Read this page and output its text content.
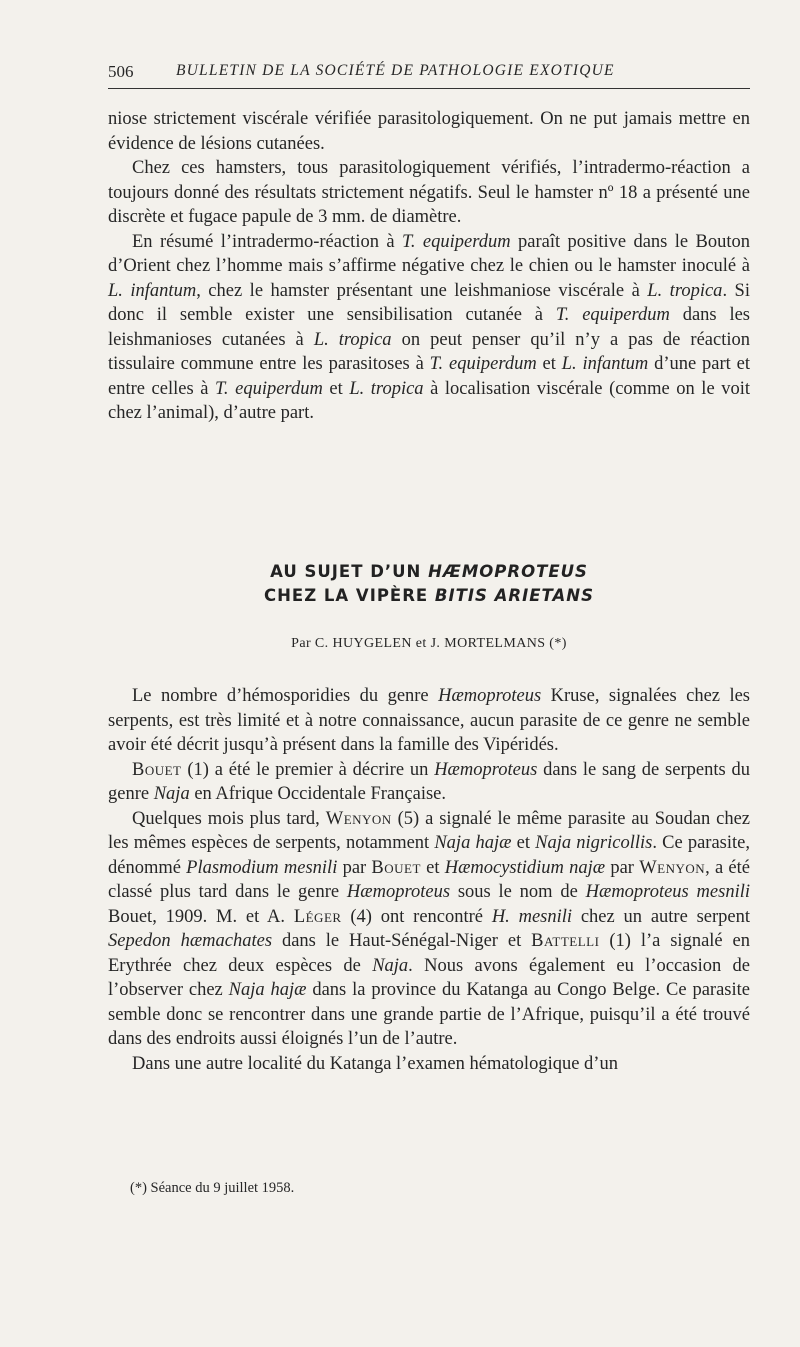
506	BULLETIN DE LA SOCIÉTÉ DE PATHOLOGIE EXOTIQUE

niose strictement viscérale vérifiée parasitologiquement. On ne put jamais mettre en évidence de lésions cutanées.

Chez ces hamsters, tous parasitologiquement vérifiés, l’intradermo-réaction a toujours donné des résultats strictement négatifs. Seul le hamster nº 18 a présenté une discrète et fugace papule de 3 mm. de diamètre.

En résumé l’intradermo-réaction à T. equiperdum paraît positive dans le Bouton d’Orient chez l’homme mais s’affirme négative chez le chien ou le hamster inoculé à L. infantum, chez le hamster présentant une leishmaniose viscérale à L. tropica. Si donc il semble exister une sensibilisation cutanée à T. equiperdum dans les leishmanioses cutanées à L. tropica on peut penser qu’il n’y a pas de réaction tissulaire commune entre les parasitoses à T. equiperdum et L. infantum d’une part et entre celles à T. equiperdum et L. tropica à localisation viscérale (comme on le voit chez l’animal), d’autre part.

AU SUJET D’UN HÆMOPROTEUS
CHEZ LA VIPÈRE BITIS ARIETANS
Par C. HUYGELEN et J. MORTELMANS (*)

Le nombre d’hémosporidies du genre Hæmoproteus Kruse, signalées chez les serpents, est très limité et à notre connaissance, aucun parasite de ce genre ne semble avoir été décrit jusqu’à présent dans la famille des Vipéridés.

Bouet (1) a été le premier à décrire un Hæmoproteus dans le sang de serpents du genre Naja en Afrique Occidentale Française.

Quelques mois plus tard, Wenyon (5) a signalé le même parasite au Soudan chez les mêmes espèces de serpents, notamment Naja hajæ et Naja nigricollis. Ce parasite, dénommé Plasmodium mesnili par Bouet et Hæmocystidium najæ par Wenyon, a été classé plus tard dans le genre Hæmoproteus sous le nom de Hæmoproteus mesnili Bouet, 1909. M. et A. Léger (4) ont rencontré H. mesnili chez un autre serpent Sepedon hæmachates dans le Haut-Sénégal-Niger et Battelli (1) l’a signalé en Erythrée chez deux espèces de Naja. Nous avons également eu l’occasion de l’observer chez Naja hajæ dans la province du Katanga au Congo Belge. Ce parasite semble donc se rencontrer dans une grande partie de l’Afrique, puisqu’il a été trouvé dans des endroits aussi éloignés l’un de l’autre.

Dans une autre localité du Katanga l’examen hématologique d’un

(*) Séance du 9 juillet 1958.
